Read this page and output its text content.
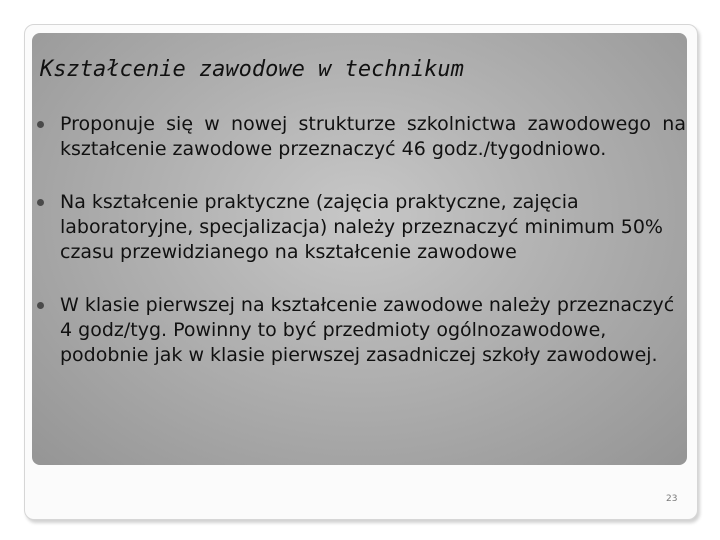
Kształcenie zawodowe w technikum
Proponuje się w nowej strukturze szkolnictwa zawodowego na kształcenie zawodowe przeznaczyć 46 godz./tygodniowo.
Na kształcenie praktyczne (zajęcia praktyczne, zajęcia laboratoryjne, specjalizacja) należy przeznaczyć minimum 50% czasu przewidzianego na kształcenie zawodowe
W klasie pierwszej na kształcenie zawodowe należy przeznaczyć 4 godz/tyg. Powinny to być przedmioty ogólnozawodowe, podobnie jak w klasie pierwszej zasadniczej szkoły zawodowej.
23
